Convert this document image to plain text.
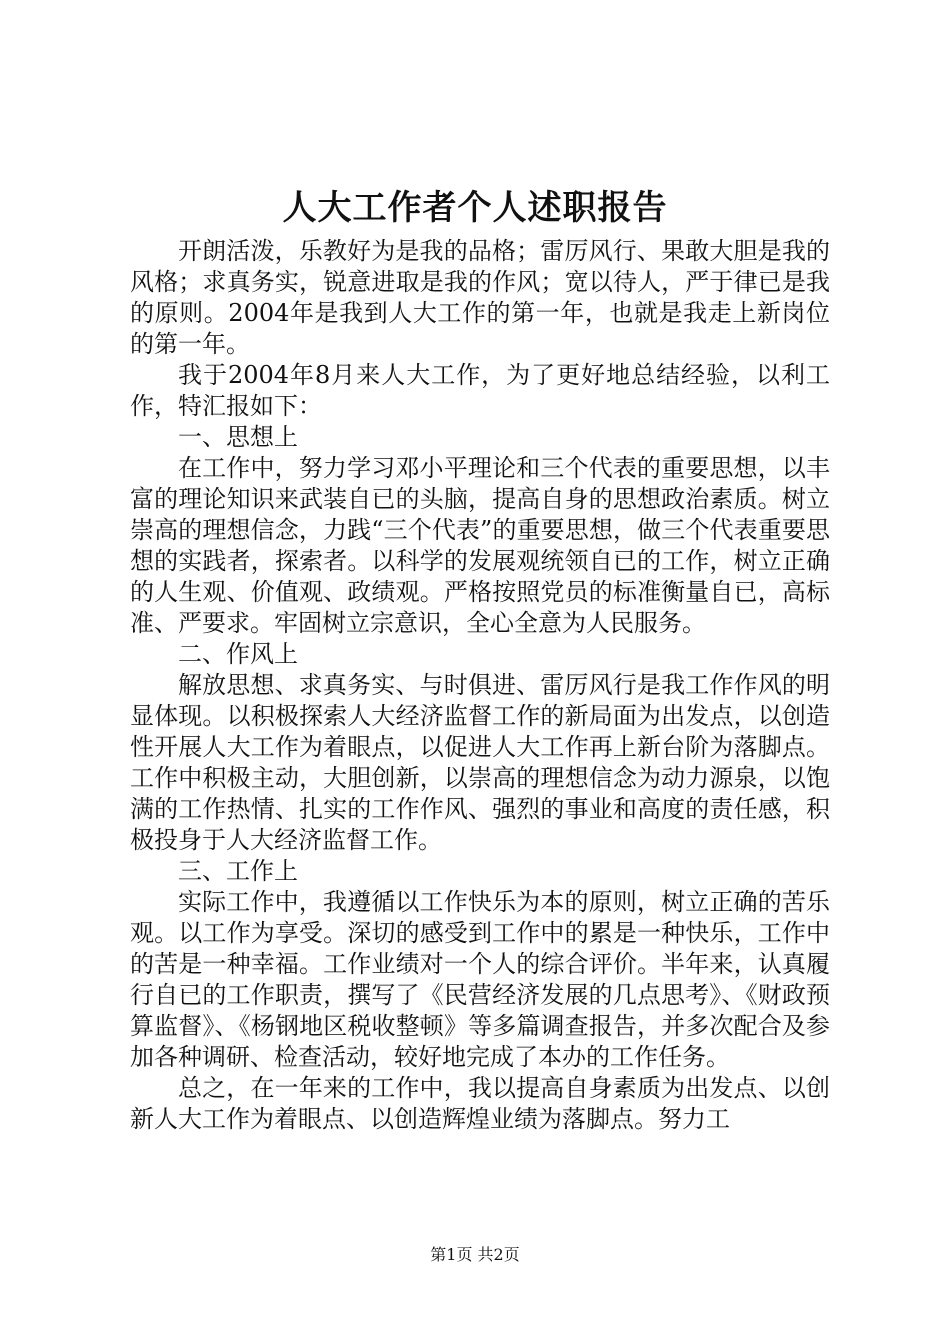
人大工作者个人述职报告

开朗活泼，乐教好为是我的品格；雷厉风行、果敢大胆是我的风格；求真务实，锐意进取是我的作风；宽以待人，严于律已是我的原则。2004年是我到人大工作的第一年，也就是我走上新岗位的第一年。

我于2004年8月来人大工作，为了更好地总结经验，以利工作，特汇报如下：

一、思想上

在工作中，努力学习邓小平理论和三个代表的重要思想，以丰富的理论知识来武装自已的头脑，提高自身的思想政治素质。树立崇高的理想信念，力践“三个代表”的重要思想，做三个代表重要思想的实践者，探索者。以科学的发展观统领自已的工作，树立正确的人生观、价值观、政绩观。严格按照党员的标准衡量自已，高标准、严要求。牢固树立宗意识，全心全意为人民服务。

二、作风上

解放思想、求真务实、与时俱进、雷厉风行是我工作作风的明显体现。以积极探索人大经济监督工作的新局面为出发点，以创造性开展人大工作为着眼点，以促进人大工作再上新台阶为落脚点。工作中积极主动，大胆创新，以崇高的理想信念为动力源泉，以饱满的工作热情、扎实的工作作风、强烈的事业和高度的责任感，积极投身于人大经济监督工作。

三、工作上

实际工作中，我遵循以工作快乐为本的原则，树立正确的苦乐观。以工作为享受。深切的感受到工作中的累是一种快乐，工作中的苦是一种幸福。工作业绩对一个人的综合评价。半年来，认真履行自已的工作职责，撰写了《民营经济发展的几点思考》、《财政预算监督》、《杨钢地区税收整顿》等多篇调查报告，并多次配合及参加各种调研、检查活动，较好地完成了本办的工作任务。

总之，在一年来的工作中，我以提高自身素质为出发点、以创新人大工作为着眼点、以创造辉煌业绩为落脚点。努力工

第1页 共2页
